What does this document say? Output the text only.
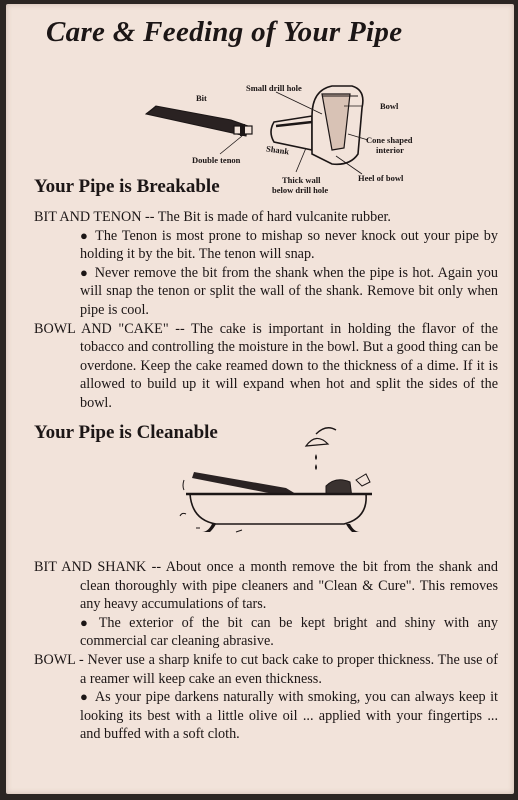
Care & Feeding of Your Pipe
Bit
Small drill hole
Bowl
Cone shaped
interior
Shank
Double tenon
Thick wall
below drill hole
Heel of bowl
Your Pipe is Breakable

BIT AND TENON -- The Bit is made of hard vulcanite rubber.

● The Tenon is most prone to mishap so never knock out your pipe by holding it by the bit. The tenon will snap.

● Never remove the bit from the shank when the pipe is hot. Again you will snap the tenon or split the wall of the shank. Remove bit only when pipe is cool.

BOWL AND "CAKE" -- The cake is important in holding the flavor of the tobacco and controlling the moisture in the bowl. But a good thing can be overdone. Keep the cake reamed down to the thickness of a dime. If it is allowed to build up it will expand when hot and split the sides of the bowl.

Your Pipe is Cleanable

BIT AND SHANK -- About once a month remove the bit from the shank and clean thoroughly with pipe cleaners and "Clean & Cure". This removes any heavy accumulations of tars.

● The exterior of the bit can be kept bright and shiny with any commercial car cleaning abrasive.

BOWL - Never use a sharp knife to cut back cake to proper thickness. The use of a reamer will keep cake an even thickness.

● As your pipe darkens naturally with smoking, you can always keep it looking its best with a little olive oil ... applied with your fingertips ... and buffed with a soft cloth.
